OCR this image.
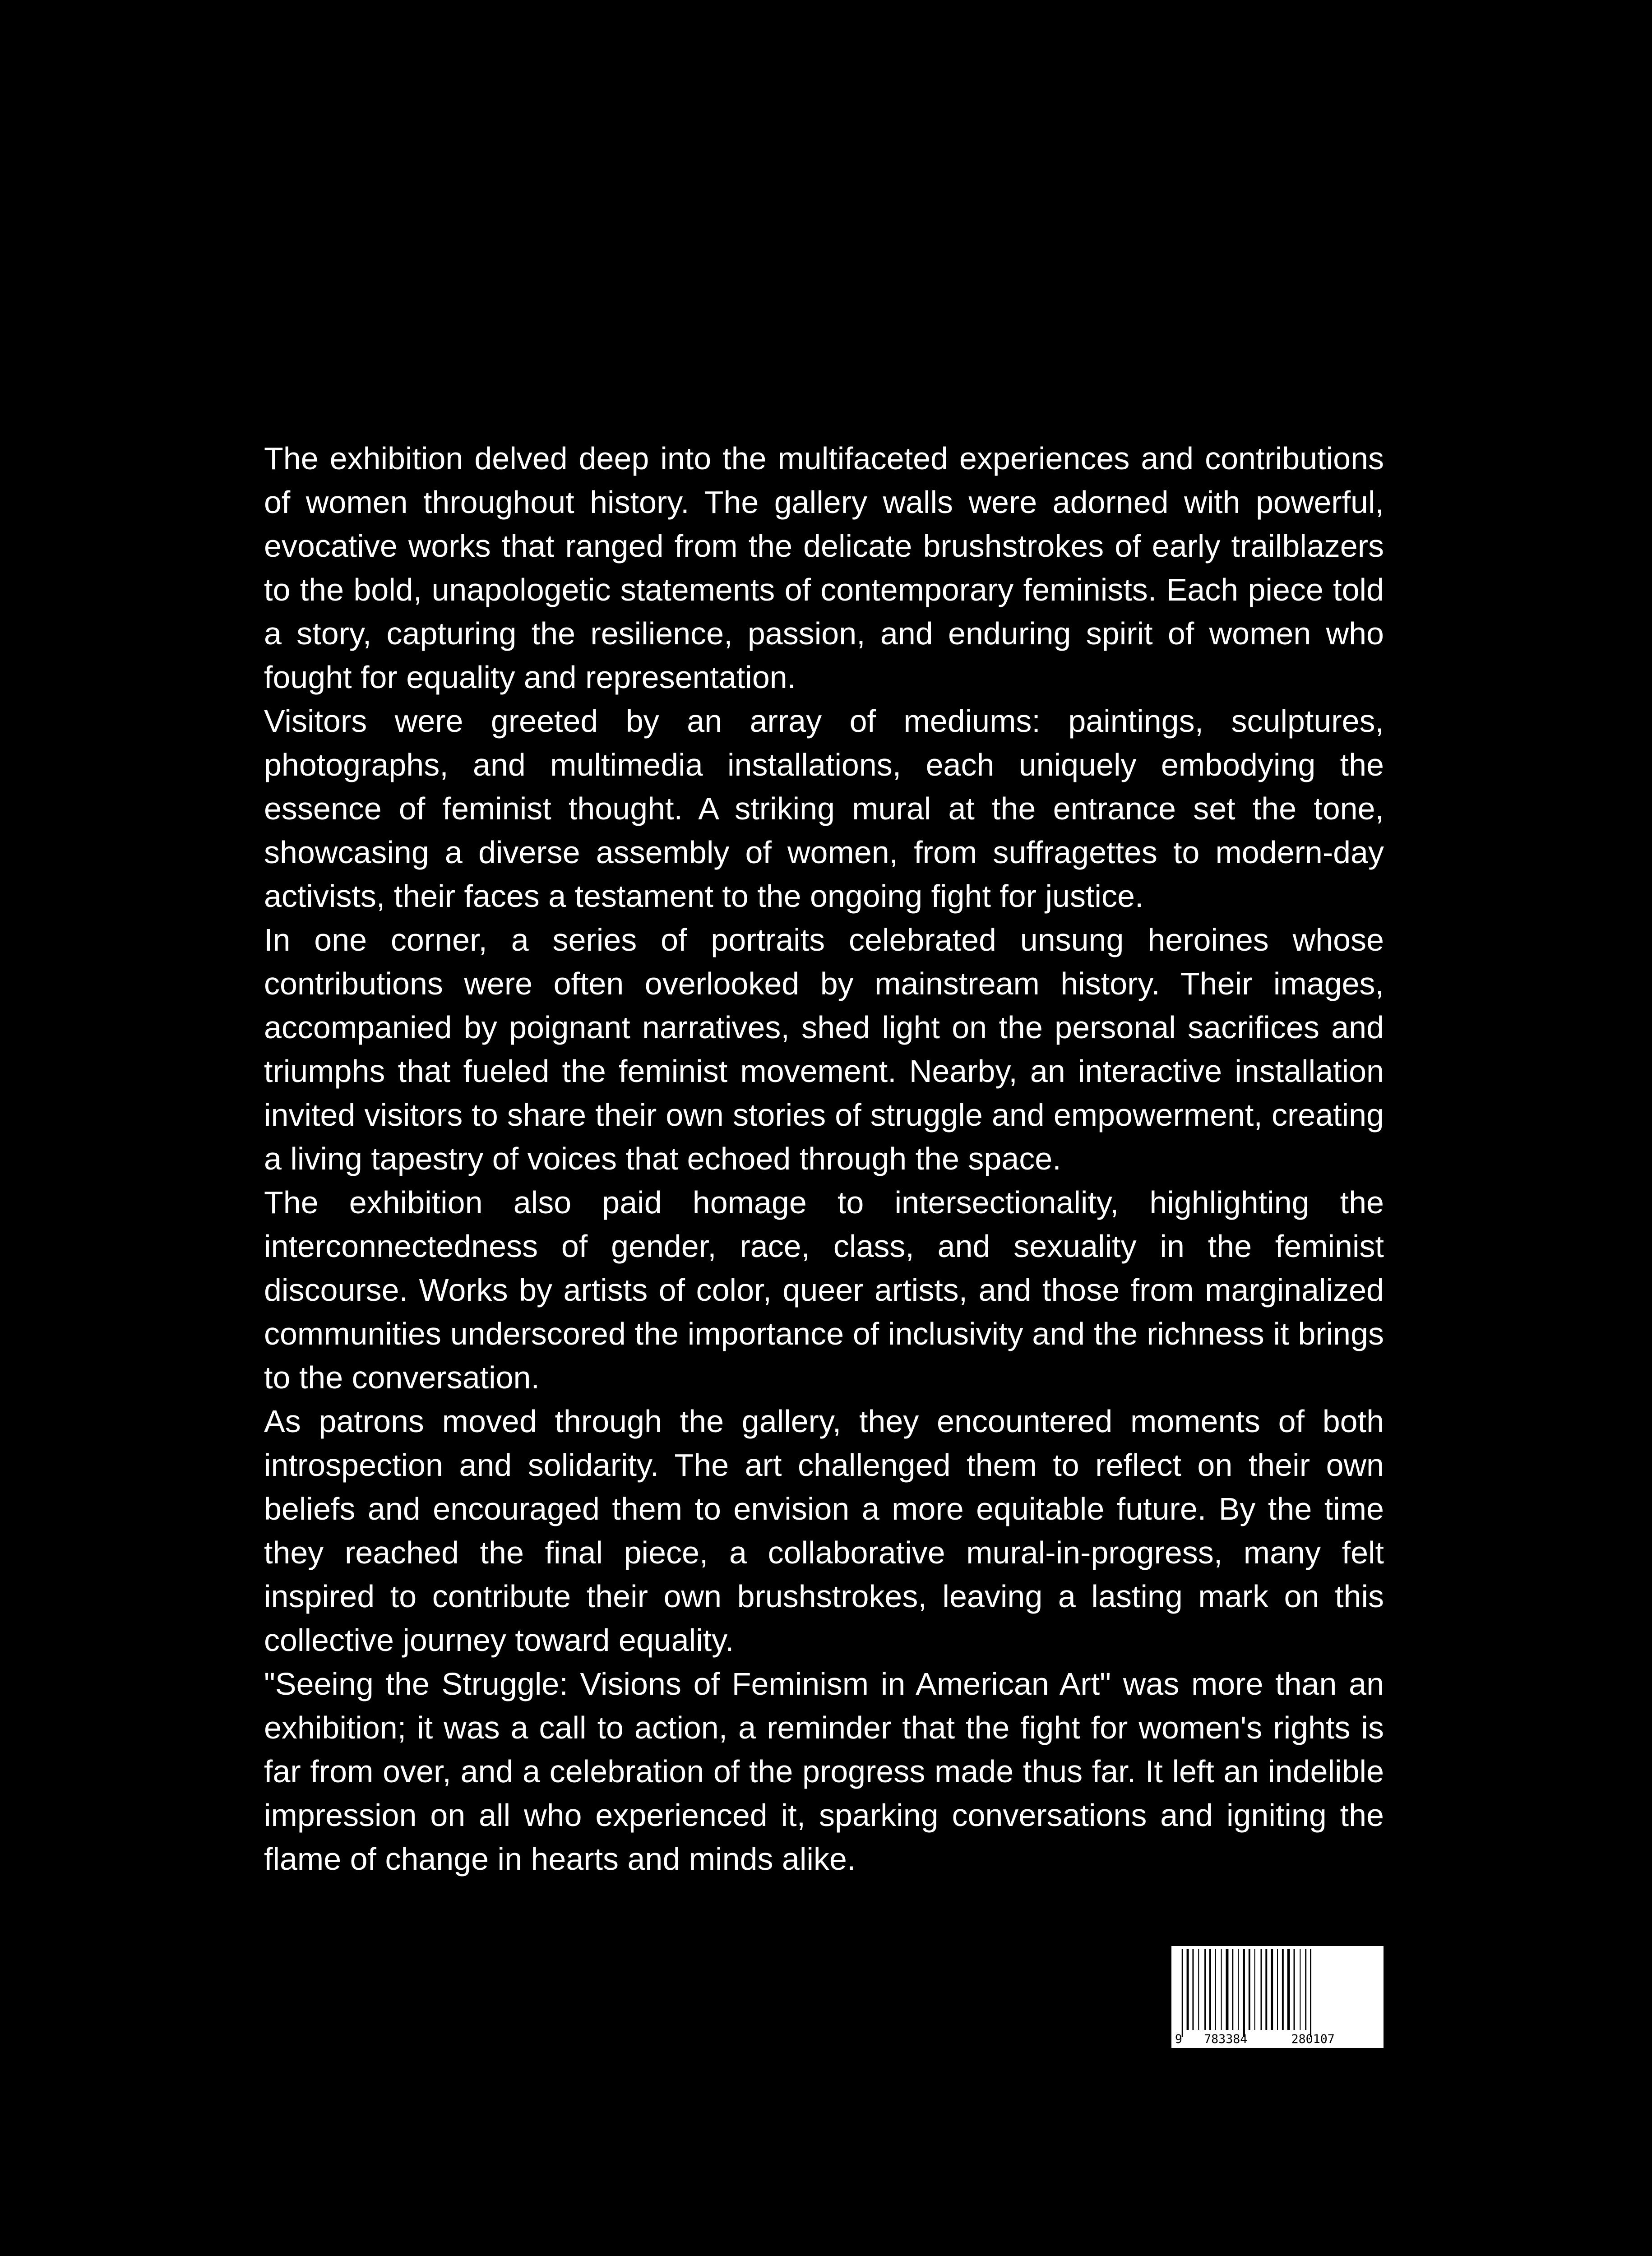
The exhibition delved deep into the multifaceted experiences and contributions of women throughout history. The gallery walls were adorned with powerful, evocative works that ranged from the delicate brushstrokes of early trailblazers to the bold, unapologetic statements of contemporary feminists. Each piece told a story, capturing the resilience, passion, and enduring spirit of women who fought for equality and representation.

Visitors were greeted by an array of mediums: paintings, sculptures, photographs, and multimedia installations, each uniquely embodying the essence of feminist thought. A striking mural at the entrance set the tone, showcasing a diverse assembly of women, from suffragettes to modern-day activists, their faces a testament to the ongoing fight for justice.

In one corner, a series of portraits celebrated unsung heroines whose contributions were often overlooked by mainstream history. Their images, accompanied by poignant narratives, shed light on the personal sacrifices and triumphs that fueled the feminist movement. Nearby, an interactive installation invited visitors to share their own stories of struggle and empowerment, creating a living tapestry of voices that echoed through the space.

The exhibition also paid homage to intersectionality, highlighting the interconnectedness of gender, race, class, and sexuality in the feminist discourse. Works by artists of color, queer artists, and those from marginalized communities underscored the importance of inclusivity and the richness it brings to the conversation.

As patrons moved through the gallery, they encountered moments of both introspection and solidarity. The art challenged them to reflect on their own beliefs and encouraged them to envision a more equitable future. By the time they reached the final piece, a collaborative mural-in-progress, many felt inspired to contribute their own brushstrokes, leaving a lasting mark on this collective journey toward equality.

"Seeing the Struggle: Visions of Feminism in American Art" was more than an exhibition; it was a call to action, a reminder that the fight for women's rights is far from over, and a celebration of the progress made thus far. It left an indelible impression on all who experienced it, sparking conversations and igniting the flame of change in hearts and minds alike.

9 783384	280107
